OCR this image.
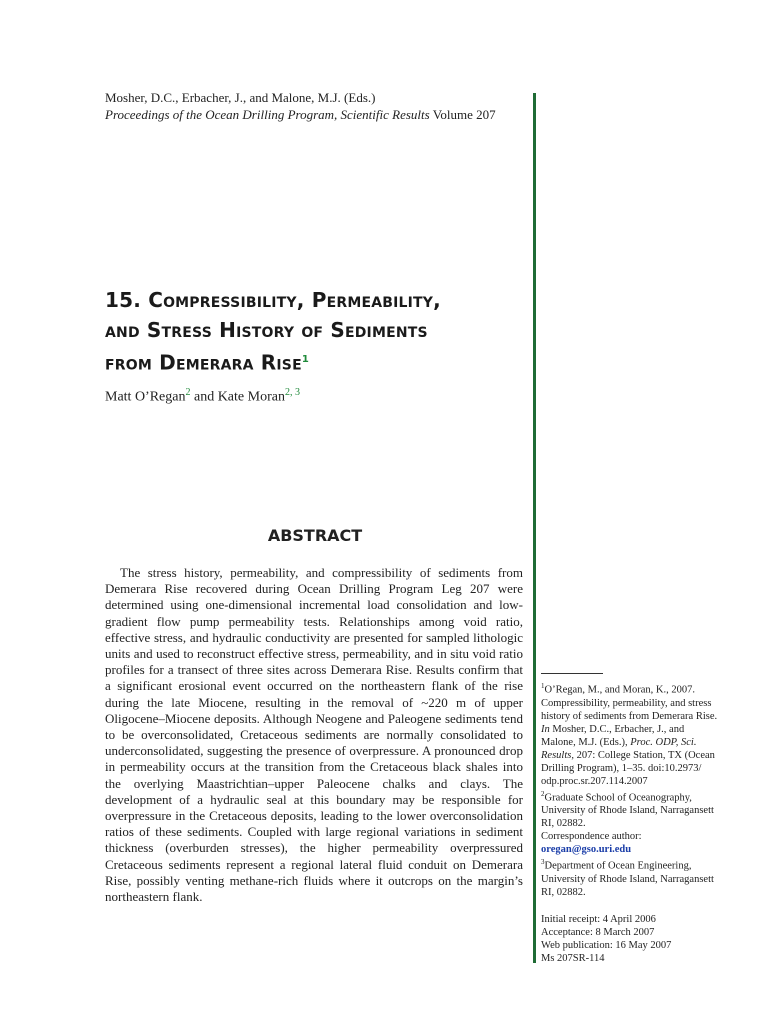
Mosher, D.C., Erbacher, J., and Malone, M.J. (Eds.)
Proceedings of the Ocean Drilling Program, Scientific Results Volume 207
15. Compressibility, Permeability,
and Stress History of Sediments
from Demerara Rise$^1$
Matt O’Regan$^2$ and Kate Moran$^{2, 3}$
ABSTRACT
The stress history, permeability, and compressibility of sediments from Demerara Rise recovered during Ocean Drilling Program Leg 207 were determined using one-dimensional incremental load consolidation and low-gradient flow pump permeability tests. Relationships among void ratio, effective stress, and hydraulic conductivity are presented for sampled lithologic units and used to reconstruct effective stress, permeability, and in situ void ratio profiles for a transect of three sites across Demerara Rise. Results confirm that a significant erosional event occurred on the northeastern flank of the rise during the late Miocene, resulting in the removal of ~220 m of upper Oligocene–Miocene deposits. Although Neogene and Paleogene sediments tend to be overconsolidated, Cretaceous sediments are normally consolidated to underconsolidated, suggesting the presence of overpressure. A pronounced drop in permeability occurs at the transition from the Cretaceous black shales into the overlying Maastrichtian–upper Paleocene chalks and clays. The development of a hydraulic seal at this boundary may be responsible for overpressure in the Cretaceous deposits, leading to the lower overconsolidation ratios of these sediments. Coupled with large regional variations in sediment thickness (overburden stresses), the higher permeability overpressured Cretaceous sediments represent a regional lateral fluid conduit on Demerara Rise, possibly venting methane-rich fluids where it outcrops on the margin’s northeastern flank.

$^1$O’Regan, M., and Moran, K., 2007. Compressibility, permeability, and stress history of sediments from Demerara Rise. In Mosher, D.C., Erbacher, J., and Malone, M.J. (Eds.), Proc. ODP, Sci. Results, 207: College Station, TX (Ocean Drilling Program), 1–35. doi:10.2973/ odp.proc.sr.207.114.2007

$^2$Graduate School of Oceanography, University of Rhode Island, Narragansett RI, 02882.

Correspondence author:

oregan@gso.uri.edu

$^3$Department of Ocean Engineering, University of Rhode Island, Narragansett RI, 02882.

Initial receipt: 4 April 2006
Acceptance: 8 March 2007
Web publication: 16 May 2007
Ms 207SR-114
